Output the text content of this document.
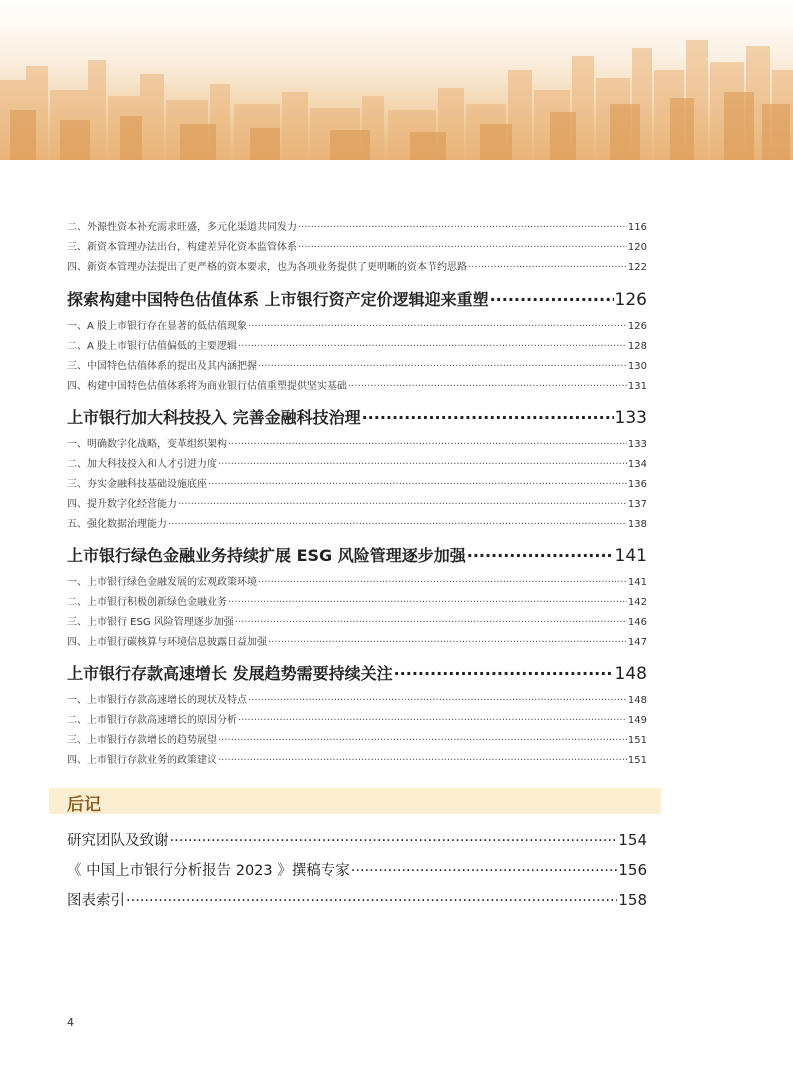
二、外源性资本补充需求旺盛，多元化渠道共同发力 .....	116
三、新资本管理办法出台，构建差异化资本监管体系 .....	120
四、新资本管理办法提出了更严格的资本要求，也为各项业务提供了更明晰的资本节约思路 .....	122
探索构建中国特色估值体系 上市银行资产定价逻辑迎来重塑 .....	126
一、A 股上市银行存在显著的低估值现象 .....	126
二、A 股上市银行估值偏低的主要逻辑 .....	128
三、中国特色估值体系的提出及其内涵把握 .....	130
四、构建中国特色估值体系将为商业银行估值重塑提供坚实基础 .....	131
上市银行加大科技投入 完善金融科技治理 .....	133
一、明确数字化战略，变革组织架构 .....	133
二、加大科技投入和人才引进力度 .....	134
三、夯实金融科技基础设施底座 .....	136
四、提升数字化经营能力 .....	137
五、强化数据治理能力 .....	138
上市银行绿色金融业务持续扩展 ESG 风险管理逐步加强 .....	141
一、上市银行绿色金融发展的宏观政策环境 .....	141
二、上市银行积极创新绿色金融业务 .....	142
三、上市银行 ESG 风险管理逐步加强 .....	146
四、上市银行碳核算与环境信息披露日益加强 .....	147
上市银行存款高速增长 发展趋势需要持续关注 .....	148
一、上市银行存款高速增长的现状及特点 .....	148
二、上市银行存款高速增长的原因分析 .....	149
三、上市银行存款增长的趋势展望 .....	151
四、上市银行存款业务的政策建议 .....	151
研究团队及致谢 .....	154
《 中国上市银行分析报告 2023 》撰稿专家 .....	156
图表索引 .....	158
后记
4
